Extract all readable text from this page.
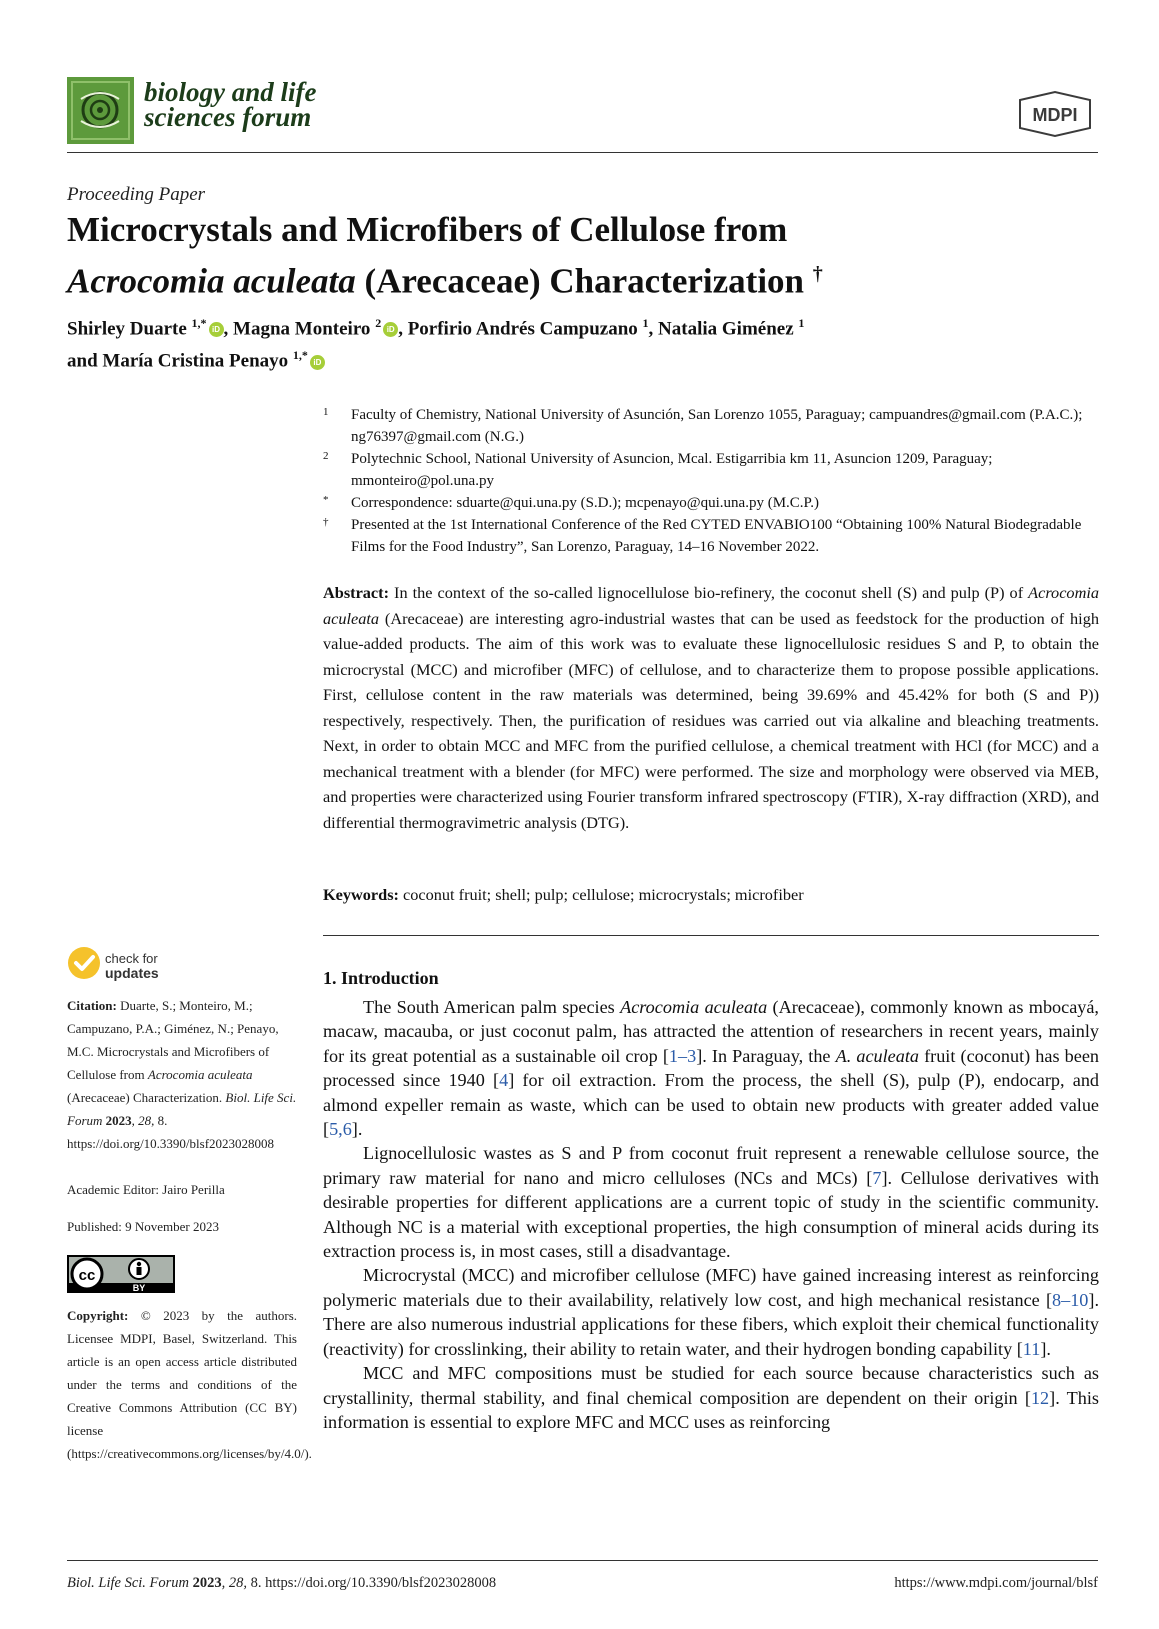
biology and life
sciences forum	MDPI
Proceeding Paper
Microcrystals and Microfibers of Cellulose from
Acrocomia aculeata (Arecaceae) Characterization †
Shirley Duarte $^{1,*}$ iD , Magna Monteiro $^2$ iD , Porfirio Andrés Campuzano $^1$, Natalia Giménez $^1$
and María Cristina Penayo $^{1,*}$ iD
1 Faculty of Chemistry, National University of Asunción, San Lorenzo 1055, Paraguay; campuandres@gmail.com (P.A.C.); ng76397@gmail.com (N.G.)
2 Polytechnic School, National University of Asuncion, Mcal. Estigarribia km 11, Asuncion 1209, Paraguay; mmonteiro@pol.una.py
* Correspondence: sduarte@qui.una.py (S.D.); mcpenayo@qui.una.py (M.C.P.)
† Presented at the 1st International Conference of the Red CYTED ENVABIO100 “Obtaining 100% Natural Biodegradable Films for the Food Industry”, San Lorenzo, Paraguay, 14–16 November 2022.
Abstract: In the context of the so-called lignocellulose bio-refinery, the coconut shell (S) and pulp (P) of Acrocomia aculeata (Arecaceae) are interesting agro-industrial wastes that can be used as feedstock for the production of high value-added products. The aim of this work was to evaluate these lignocellulosic residues S and P, to obtain the microcrystal (MCC) and microfiber (MFC) of cellulose, and to characterize them to propose possible applications. First, cellulose content in the raw materials was determined, being 39.69% and 45.42% for both (S and P)) respectively, respectively. Then, the purification of residues was carried out via alkaline and bleaching treatments. Next, in order to obtain MCC and MFC from the purified cellulose, a chemical treatment with HCl (for MCC) and a mechanical treatment with a blender (for MFC) were performed. The size and morphology were observed via MEB, and properties were characterized using Fourier transform infrared spectroscopy (FTIR), X-ray diffraction (XRD), and differential thermogravimetric analysis (DTG).
Keywords: coconut fruit; shell; pulp; cellulose; microcrystals; microfiber
check for
updates
Citation: Duarte, S.; Monteiro, M.; Campuzano, P.A.; Giménez, N.; Penayo, M.C. Microcrystals and Microfibers of Cellulose from Acrocomia aculeata (Arecaceae) Characterization. Biol. Life Sci. Forum 2023, 28, 8. https://doi.org/10.3390/blsf2023028008
Academic Editor: Jairo Perilla
Published: 9 November 2023
cc
BY
Copyright: © 2023 by the authors. Licensee MDPI, Basel, Switzerland. This article is an open access article distributed under the terms and conditions of the Creative Commons Attribution (CC BY) license (https://creativecommons.org/licenses/by/4.0/).
1. Introduction

The South American palm species Acrocomia aculeata (Arecaceae), commonly known as mbocayá, macaw, macauba, or just coconut palm, has attracted the attention of researchers in recent years, mainly for its great potential as a sustainable oil crop [1–3]. In Paraguay, the A. aculeata fruit (coconut) has been processed since 1940 [4] for oil extraction. From the process, the shell (S), pulp (P), endocarp, and almond expeller remain as waste, which can be used to obtain new products with greater added value [5,6].

Lignocellulosic wastes as S and P from coconut fruit represent a renewable cellulose source, the primary raw material for nano and micro celluloses (NCs and MCs) [7]. Cellulose derivatives with desirable properties for different applications are a current topic of study in the scientific community. Although NC is a material with exceptional properties, the high consumption of mineral acids during its extraction process is, in most cases, still a disadvantage.

Microcrystal (MCC) and microfiber cellulose (MFC) have gained increasing interest as reinforcing polymeric materials due to their availability, relatively low cost, and high mechanical resistance [8–10]. There are also numerous industrial applications for these fibers, which exploit their chemical functionality (reactivity) for crosslinking, their ability to retain water, and their hydrogen bonding capability [11].

MCC and MFC compositions must be studied for each source because characteristics such as crystallinity, thermal stability, and final chemical composition are dependent on their origin [12]. This information is essential to explore MFC and MCC uses as reinforcing

Biol. Life Sci. Forum 2023, 28, 8. https://doi.org/10.3390/blsf2023028008	https://www.mdpi.com/journal/blsf
